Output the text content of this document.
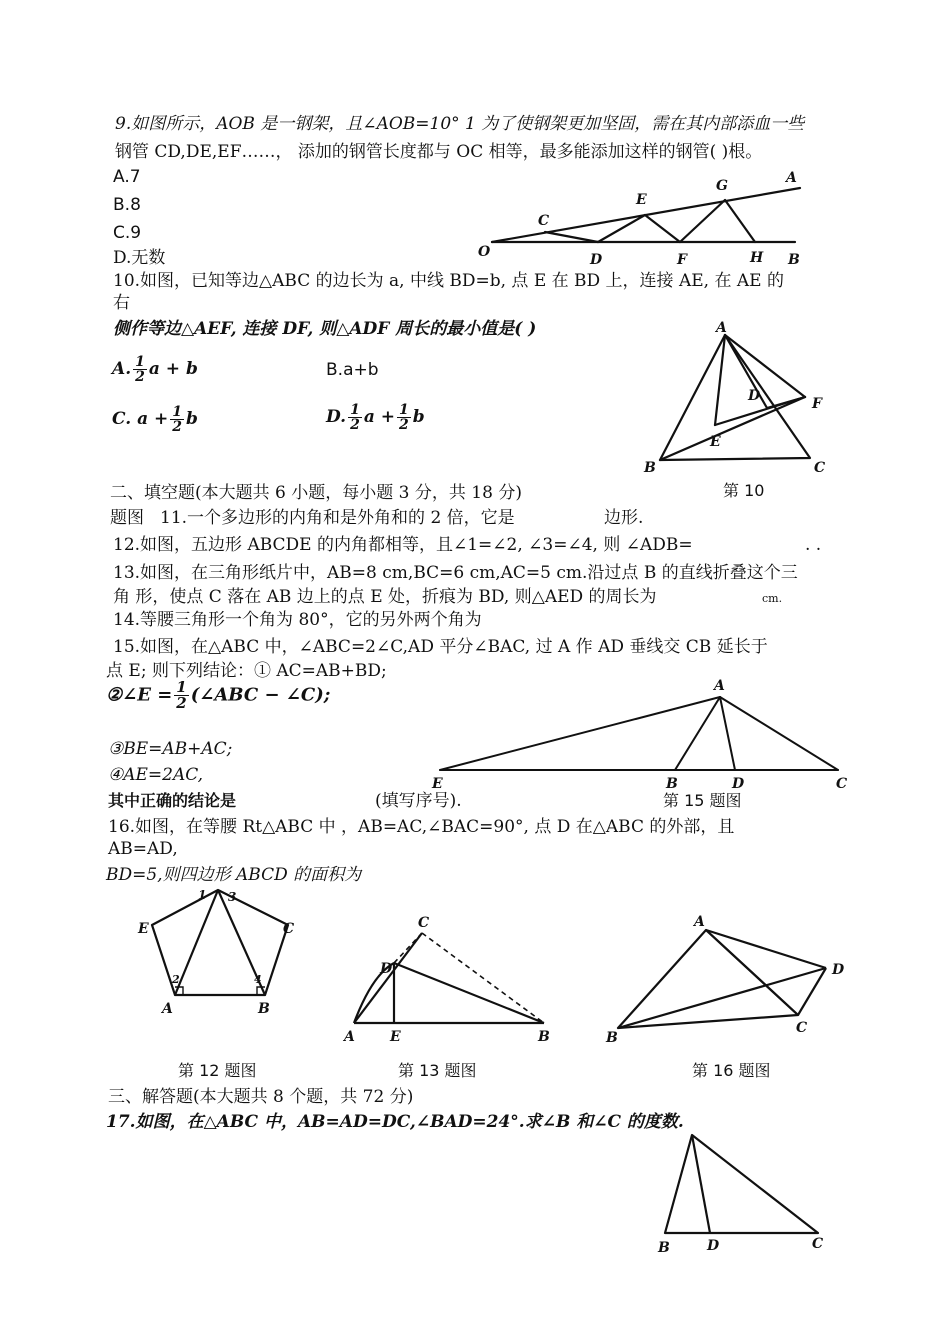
9.如图所示，AOB 是一钢架，且∠AOB=10° 1 为了使钢架更加坚固，需在其内部添血一些
钢管 CD,DE,EF……， 添加的钢管长度都与 OC 相等，最多能添加这样的钢管( )根。
A.7
B.8
C.9
D.无数	O
C
D
E
F
G
H
A
B
10.如图，已知等边△ABC 的边长为 a, 中线 BD=b, 点 E 在 BD 上，连接 AE, 在 AE 的
右
侧作等边△AEF, 连接 DF, 则△ADF 周长的最小值是( )
A. $\frac{1}{2}$ a + b	B.a+b
C. $a + \frac{1}{2}$ b	D. $\frac{1}{2}$ $a + \frac{1}{2}$ b
A
B	C
D
E
F
二、填空题(本大题共 6 小题，每小题 3 分，共 18 分)	第 10
题图 11.一个多边形的内角和是外角和的 2 倍，它是	边形.
12.如图，五边形 ABCDE 的内角都相等，且∠1=∠2, ∠3=∠4, 则 ∠ADB=	. .
13.如图，在三角形纸片中，AB=8 cm,BC=6 cm,AC=5 cm.沿过点 B 的直线折叠这个三
角 形，使点 C 落在 AB 边上的点 E 处，折痕为 BD, 则△AED 的周长为	cm.
14.等腰三角形一个角为 80°，它的另外两个角为
15.如图，在△ABC 中，∠ABC=2∠C,AD 平分∠BAC, 过 A 作 AD 垂线交 CB 延长于
点 E; 则下列结论：① AC=AB+BD;
②∠E = $\frac{1}{2}$ (∠ABC − ∠C);
③BE=AB+AC;
④AE=2AC,
其中正确的结论是	(填写序号).	第 15 题图
A
E	B	D	C
16.如图，在等腰 Rt△ABC 中 ，AB=AC,∠BAC=90°, 点 D 在△ABC 的外部，且
AB=AD,
BD=5,则四边形 ABCD 的面积为
E	C
A	B
1 3
2	4
第 12 题图
C
D
A	E	B
第 13 题图
A
B
C
D
第 16 题图
三、解答题(本大题共 8 个题，共 72 分)
17.如图，在△ABC 中，AB=AD=DC,∠BAD=24°.求∠B 和∠C 的度数.
B	D	C
